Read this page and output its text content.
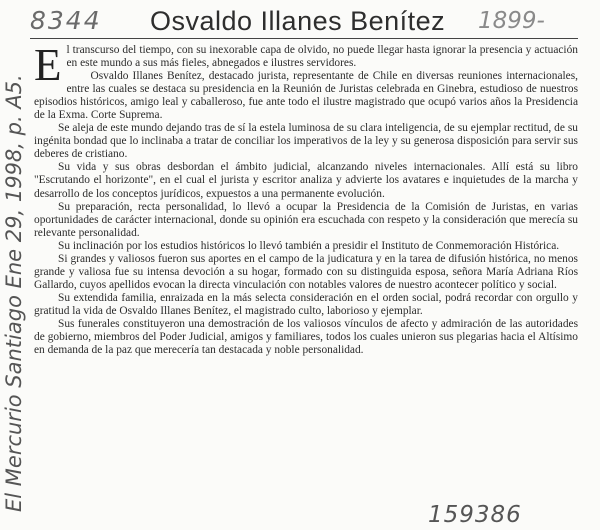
8344 Osvaldo Illanes Benítez 1899-
El Mercurio Santiago Ene 29, 1998, p. A5.

El transcurso del tiempo, con su inexorable capa de olvido, no puede llegar hasta ignorar la presencia y actuación en este mundo a sus más fieles, abnegados e ilustres servidores.

Osvaldo Illanes Benítez, destacado jurista, representante de Chile en diversas reuniones internacionales, entre las cuales se destaca su presidencia en la Reunión de Juristas celebrada en Ginebra, estudioso de nuestros episodios históricos, amigo leal y caballeroso, fue ante todo el ilustre magistrado que ocupó varios años la Presidencia de la Exma. Corte Suprema.

Se aleja de este mundo dejando tras de sí la estela luminosa de su clara inteligencia, de su ejemplar rectitud, de su ingénita bondad que lo inclinaba a tratar de conciliar los imperativos de la ley y su generosa disposición para servir sus deberes de cristiano.

Su vida y sus obras desbordan el ámbito judicial, alcanzando niveles internacionales. Allí está su libro "Escrutando el horizonte", en el cual el jurista y escritor analiza y advierte los avatares e inquietudes de la marcha y desarrollo de los conceptos jurídicos, expuestos a una permanente evolución.

Su preparación, recta personalidad, lo llevó a ocupar la Presidencia de la Comisión de Juristas, en varias oportunidades de carácter internacional, donde su opinión era escuchada con respeto y la consideración que merecía su relevante personalidad.

Su inclinación por los estudios históricos lo llevó también a presidir el Instituto de Conmemoración Histórica.

Si grandes y valiosos fueron sus aportes en el campo de la judicatura y en la tarea de difusión histórica, no menos grande y valiosa fue su intensa devoción a su hogar, formado con su distinguida esposa, señora María Adriana Ríos Gallardo, cuyos apellidos evocan la directa vinculación con notables valores de nuestro acontecer político y social.

Su extendida familia, enraizada en la más selecta consideración en el orden social, podrá recordar con orgullo y gratitud la vida de Osvaldo Illanes Benítez, el magistrado culto, laborioso y ejemplar.

Sus funerales constituyeron una demostración de los valiosos vínculos de afecto y admiración de las autoridades de gobierno, miembros del Poder Judicial, amigos y familiares, todos los cuales unieron sus plegarias hacia el Altísimo en demanda de la paz que merecería tan destacada y noble personalidad.

159386
